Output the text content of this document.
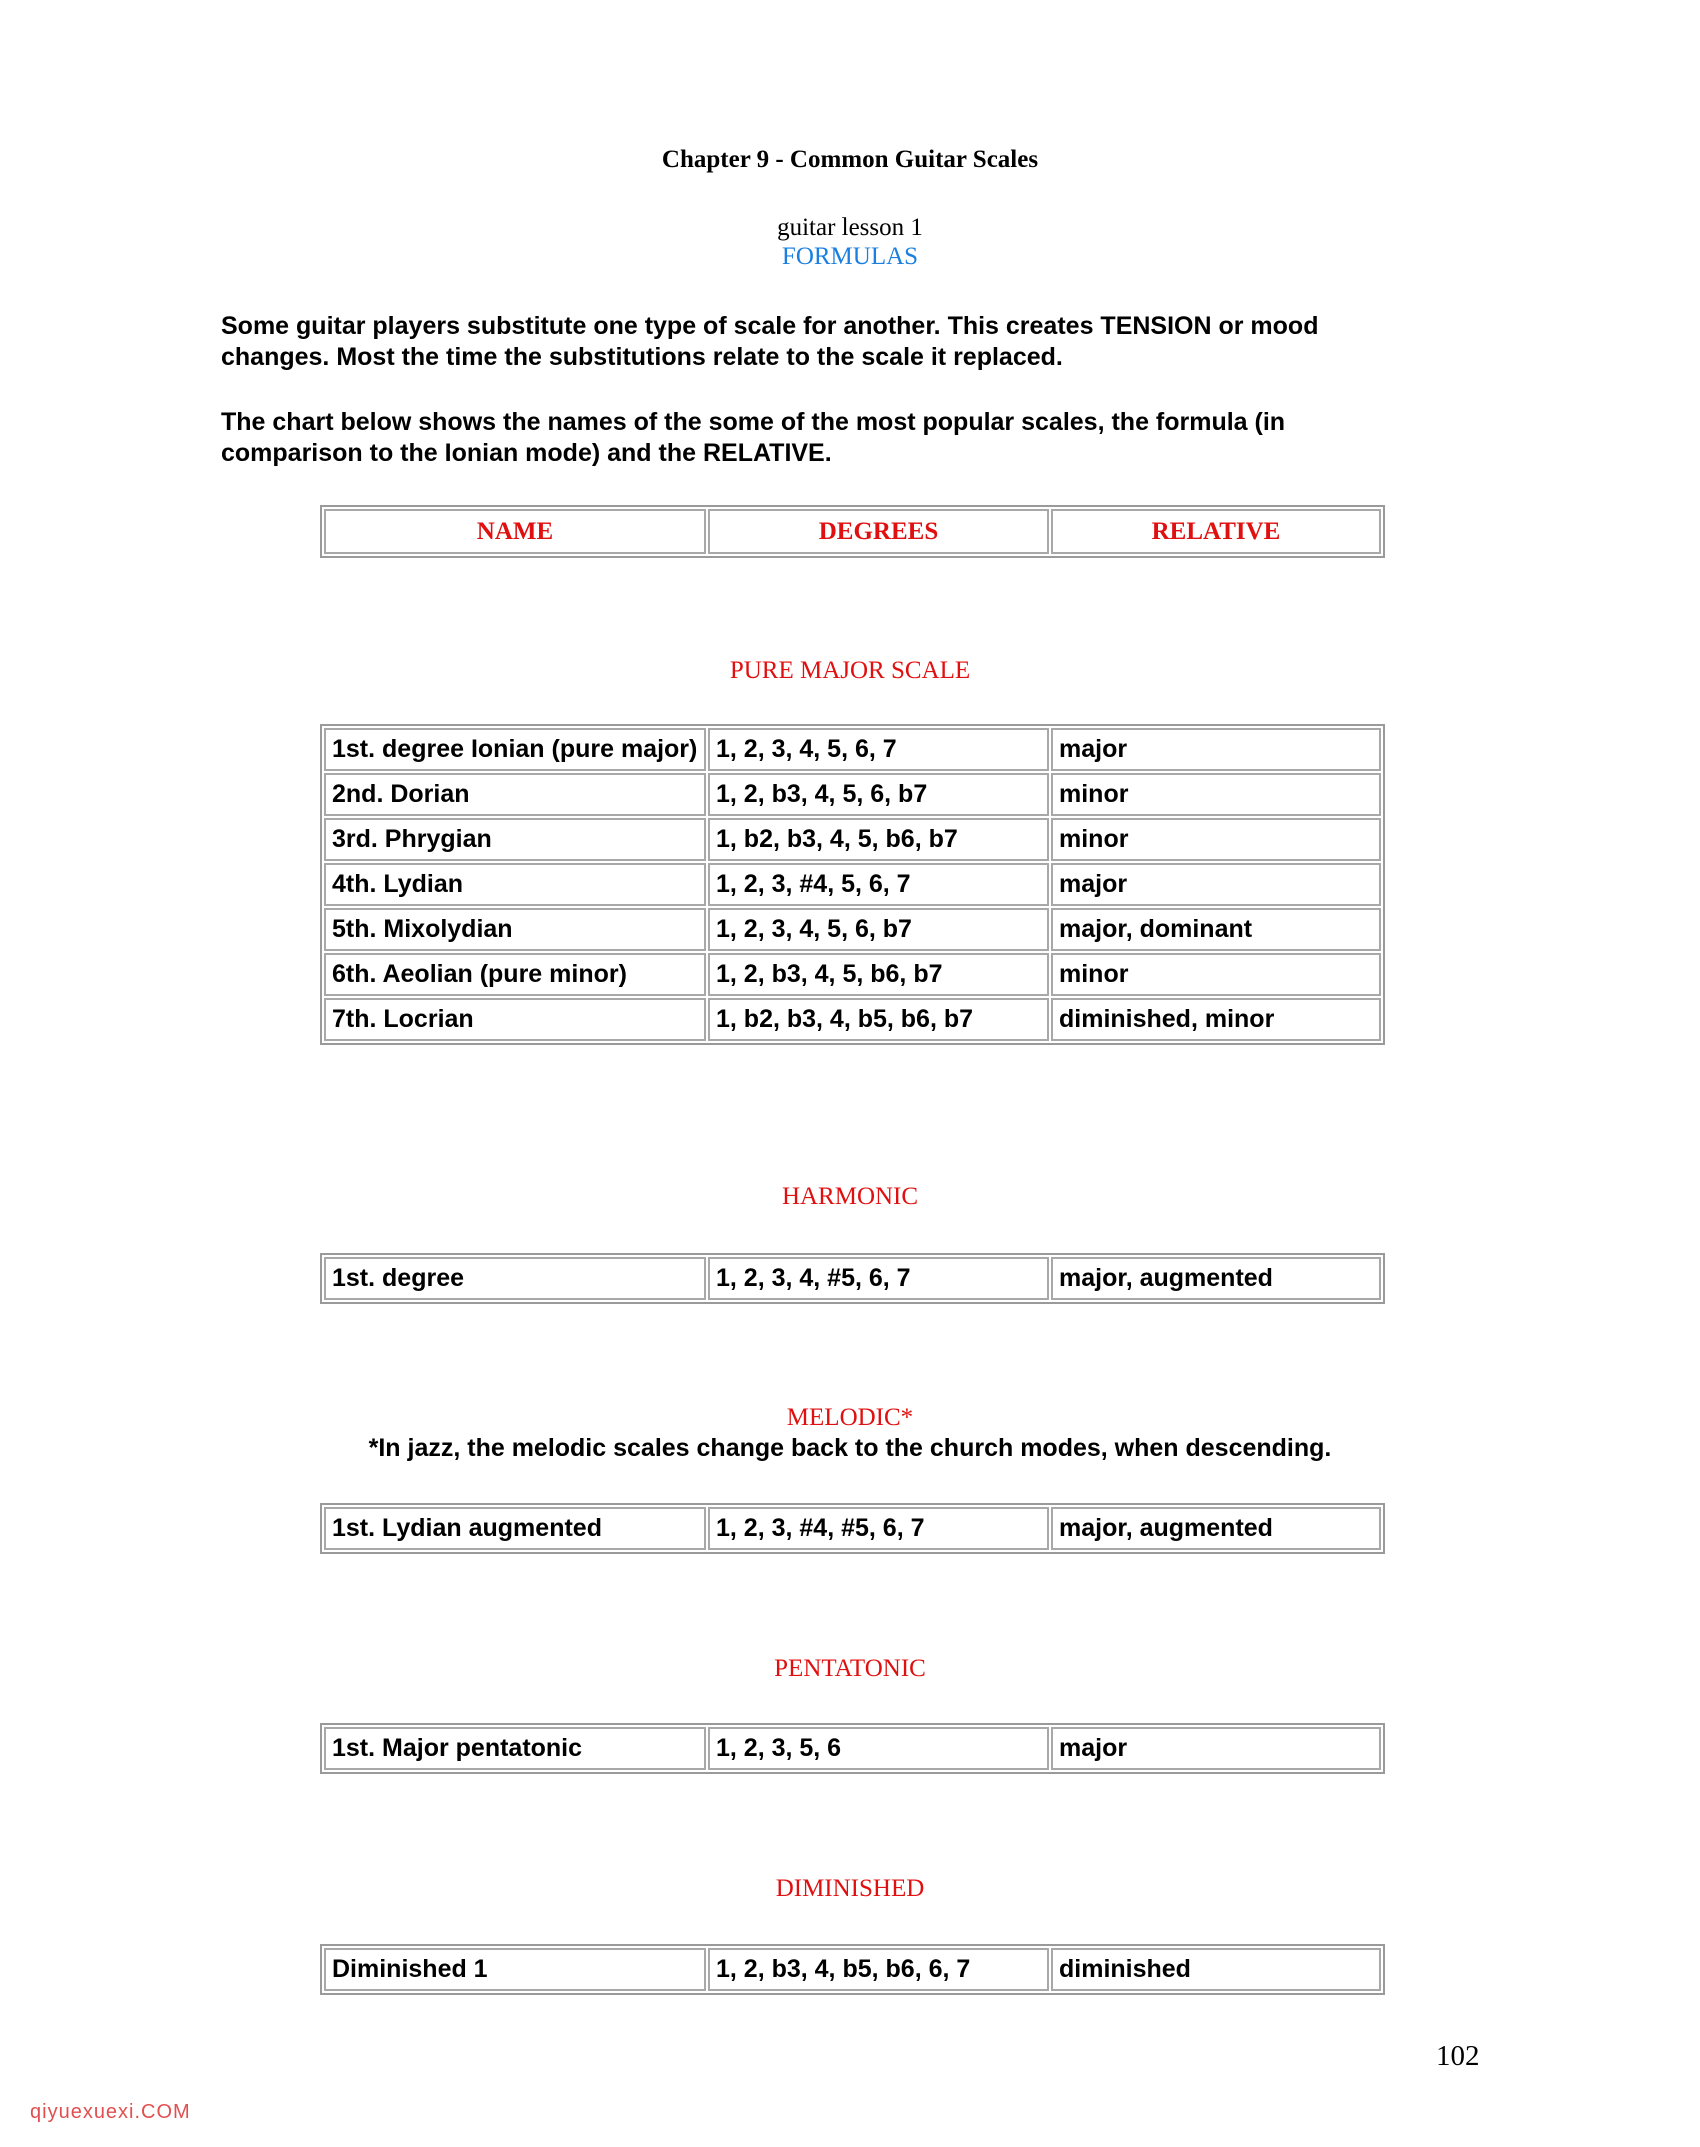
Chapter 9 - Common Guitar Scales
guitar lesson 1
FORMULAS
Some guitar players substitute one type of scale for another. This creates TENSION or mood changes. Most the time the substitutions relate to the scale it replaced.
The chart below shows the names of the some of the most popular scales, the formula (in comparison to the Ionian mode) and the RELATIVE.
NAME	DEGREES	RELATIVE
PURE MAJOR SCALE
1st. degree Ionian (pure major)	1, 2, 3, 4, 5, 6, 7	major
2nd. Dorian	1, 2, b3, 4, 5, 6, b7	minor
3rd. Phrygian	1, b2, b3, 4, 5, b6, b7	minor
4th. Lydian	1, 2, 3, #4, 5, 6, 7	major
5th. Mixolydian	1, 2, 3, 4, 5, 6, b7	major, dominant
6th. Aeolian (pure minor)	1, 2, b3, 4, 5, b6, b7	minor
7th. Locrian	1, b2, b3, 4, b5, b6, b7	diminished, minor
HARMONIC
1st. degree	1, 2, 3, 4, #5, 6, 7	major, augmented
MELODIC*
*In jazz, the melodic scales change back to the church modes, when descending.
1st. Lydian augmented	1, 2, 3, #4, #5, 6, 7	major, augmented
PENTATONIC
1st. Major pentatonic	1, 2, 3, 5, 6	major
DIMINISHED
Diminished 1	1, 2, b3, 4, b5, b6, 6, 7	diminished
102
qiyuexuexi.COM
